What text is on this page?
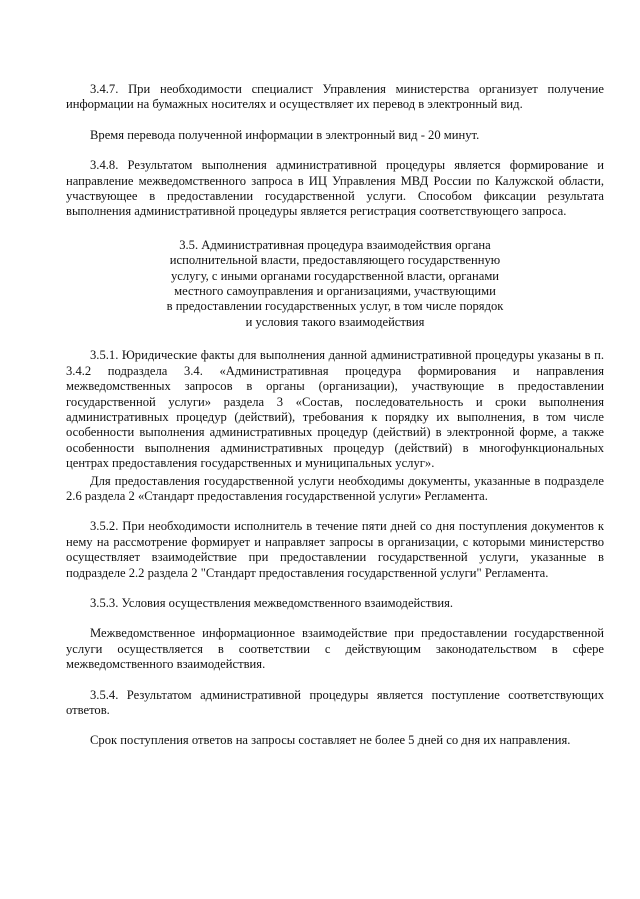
3.4.7. При необходимости специалист Управления министерства организует получение информации на бумажных носителях и осуществляет их перевод в электронный вид.

Время перевода полученной информации в электронный вид - 20 минут.

3.4.8. Результатом выполнения административной процедуры является формирование и направление межведомственного запроса в ИЦ Управления МВД России по Калужской области, участвующее в предоставлении государственной услуги. Способом фиксации результата выполнения административной процедуры является регистрация соответствующего запроса.

3.5. Административная процедура взаимодействия органа
исполнительной власти, предоставляющего государственную
услугу, с иными органами государственной власти, органами
местного самоуправления и организациями, участвующими
в предоставлении государственных услуг, в том числе порядок
и условия такого взаимодействия

3.5.1. Юридические факты для выполнения данной административной процедуры указаны в п. 3.4.2 подраздела 3.4. «Административная процедура формирования и направления межведомственных запросов в органы (организации), участвующие в предоставлении государственной услуги» раздела 3 «Состав, последовательность и сроки выполнения административных процедур (действий), требования к порядку их выполнения, в том числе особенности выполнения административных процедур (действий) в электронной форме, а также особенности выполнения административных процедур (действий) в многофункциональных центрах предоставления государственных и муниципальных услуг».

Для предоставления государственной услуги необходимы документы, указанные в подразделе 2.6 раздела 2 «Стандарт предоставления государственной услуги» Регламента.

3.5.2. При необходимости исполнитель в течение пяти дней со дня поступления документов к нему на рассмотрение формирует и направляет запросы в организации, с которыми министерство осуществляет взаимодействие при предоставлении государственной услуги, указанные в подразделе 2.2 раздела 2 "Стандарт предоставления государственной услуги" Регламента.

3.5.3. Условия осуществления межведомственного взаимодействия.

Межведомственное информационное взаимодействие при предоставлении государственной услуги осуществляется в соответствии с действующим законодательством в сфере межведомственного взаимодействия.

3.5.4. Результатом административной процедуры является поступление соответствующих ответов.

Срок поступления ответов на запросы составляет не более 5 дней со дня их направления.
